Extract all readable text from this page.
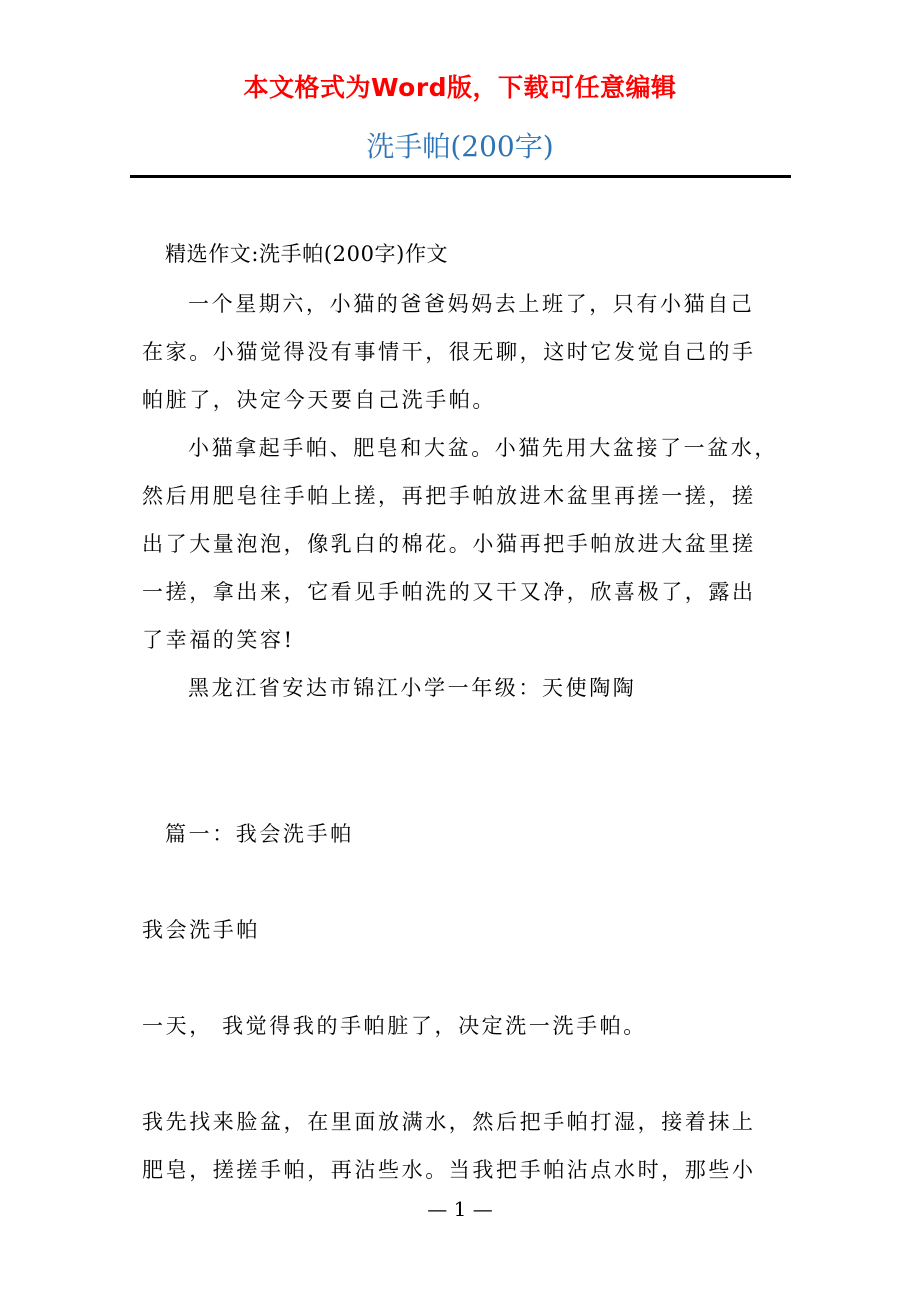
本文格式为Word版，下载可任意编辑
洗手帕(200字)
精选作文:洗手帕(200字)作文
一个星期六，小猫的爸爸妈妈去上班了，只有小猫自己
在家。小猫觉得没有事情干，很无聊，这时它发觉自己的手
帕脏了，决定今天要自己洗手帕。
小猫拿起手帕、肥皂和大盆。小猫先用大盆接了一盆水，
然后用肥皂往手帕上搓，再把手帕放进木盆里再搓一搓，搓
出了大量泡泡，像乳白的棉花。小猫再把手帕放进大盆里搓
一搓，拿出来，它看见手帕洗的又干又净，欣喜极了，露出
了幸福的笑容!
黑龙江省安达市锦江小学一年级：天使陶陶
篇一：我会洗手帕
我会洗手帕
一天， 我觉得我的手帕脏了，决定洗一洗手帕。
我先找来脸盆，在里面放满水，然后把手帕打湿，接着抹上
肥皂，搓搓手帕，再沾些水。当我把手帕沾点水时，那些小
— 1 —
